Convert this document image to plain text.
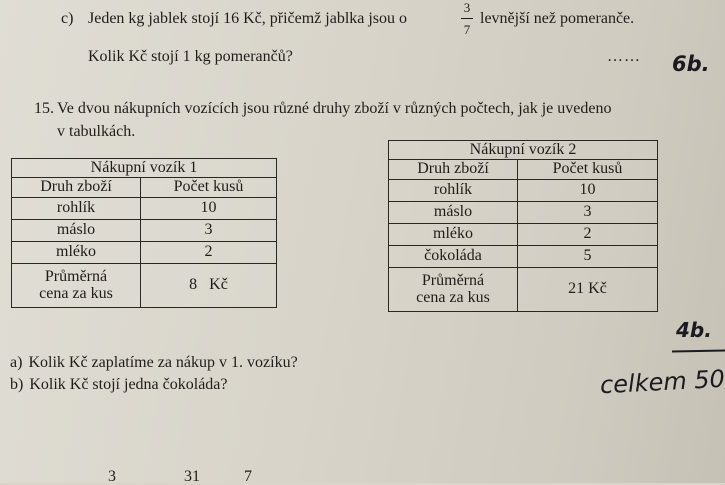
c) Jeden kg jablek stojí 16 Kč, přičemž jablka jsou o
3
7
levnější než pomeranče.
Kolik Kč stojí 1 kg pomerančů?	…… 6b.
15. Ve dvou nákupních vozících jsou různé druhy zboží v různých počtech, jak je uvedeno
v tabulkách.
Nákupní vozík 1	
Druh zboží	Počet kusů
rohlík	10
máslo	3
mléko	2

Průměrná
cena za kus	8   Kč
Nákupní vozík 2	
Druh zboží	Počet kusů
rohlík	10
máslo	3
mléko	2
čokoláda	5

Průměrná
cena za kus	21 Kč
4b.
a) Kolik Kč zaplatíme za nákup v 1. vozíku?
b) Kolik Kč stojí jedna čokoláda?	celkem 50
3	31	7
